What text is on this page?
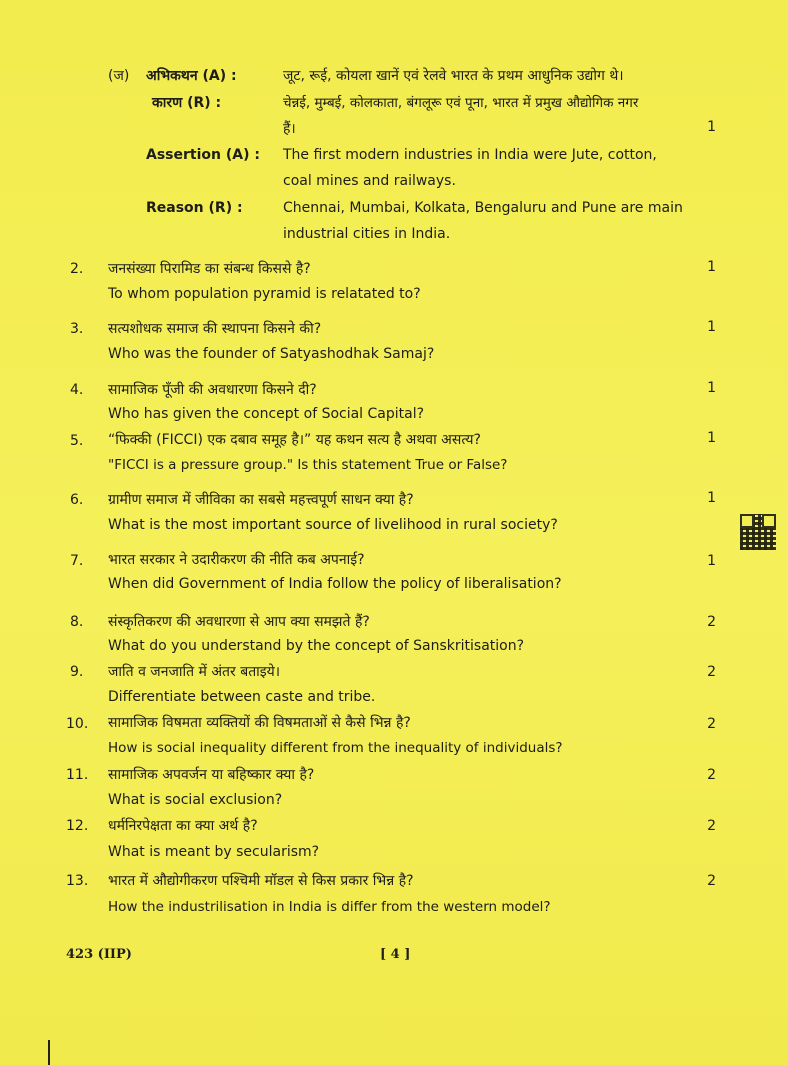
(ज) अभिकथन (A) :	जूट, रूई, कोयला खानें एवं रेलवे भारत के प्रथम आधुनिक उद्योग थे।
कारण (R) :	चेन्नई, मुम्बई, कोलकाता, बंगलूरू एवं पूना, भारत में प्रमुख औद्योगिक नगर
हैं।	1
Assertion (A) : The first modern industries in India were Jute, cotton,
coal mines and railways.
Reason (R) :	Chennai, Mumbai, Kolkata, Bengaluru and Pune are main
industrial cities in India.
2.	जनसंख्या पिरामिड का संबन्ध किससे है?	1
To whom population pyramid is relatated to?
3.	सत्यशोधक समाज की स्थापना किसने की?	1
Who was the founder of Satyashodhak Samaj?
4.	सामाजिक पूँजी की अवधारणा किसने दी?	1
Who has given the concept of Social Capital?
5.	“फिक्की (FICCI) एक दबाव समूह है।” यह कथन सत्य है अथवा असत्य?	1
"FICCI is a pressure group." Is this statement True or False?
6.	ग्रामीण समाज में जीविका का सबसे महत्त्वपूर्ण साधन क्या है?	1
What is the most important source of livelihood in rural society?
7.	भारत सरकार ने उदारीकरण की नीति कब अपनाई?	1
When did Government of India follow the policy of liberalisation?
8.	संस्कृतिकरण की अवधारणा से आप क्या समझते हैं?	2
What do you understand by the concept of Sanskritisation?
9.	जाति व जनजाति में अंतर बताइये।	2
Differentiate between caste and tribe.
10.	सामाजिक विषमता व्यक्तियों की विषमताओं से कैसे भिन्न है?	2
How is social inequality different from the inequality of individuals?
11.	सामाजिक अपवर्जन या बहिष्कार क्या है?	2
What is social exclusion?
12.	धर्मनिरपेक्षता का क्या अर्थ है?	2
What is meant by secularism?
13.	भारत में औद्योगीकरण पश्चिमी मॉडल से किस प्रकार भिन्न है?	2
How the industrilisation in India is differ from the western model?
423 (IIP)	[ 4 ]
